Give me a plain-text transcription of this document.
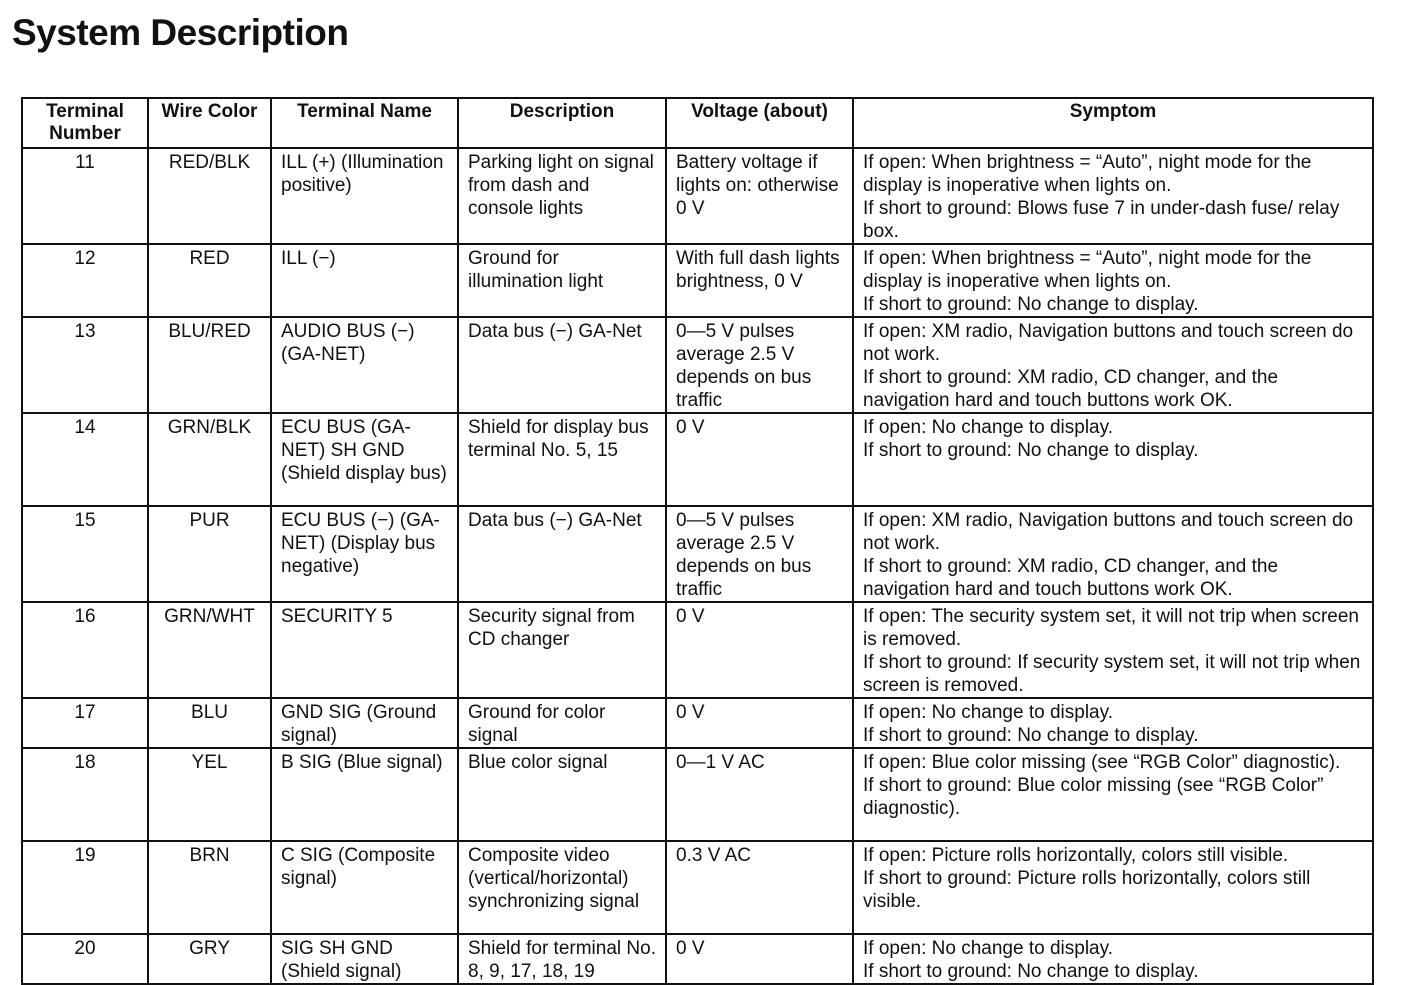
System Description
Terminal Number	Wire Color	Terminal Name	Description	Voltage (about)	Symptom
11	RED/BLK	ILL (+) (Illumination positive)	Parking light on signal from dash and console lights	Battery voltage if lights on: otherwise 0 V	If open: When brightness = “Auto”, night mode for the display is inoperative when lights on.
If short to ground: Blows fuse 7 in under-dash fuse/ relay box.

12	RED	ILL (−)	Ground for illumination light	With full dash lights brightness, 0 V	If open: When brightness = “Auto”, night mode for the display is inoperative when lights on.
If short to ground: No change to display.

13	BLU/RED	AUDIO BUS (−) (GA-NET)	Data bus (−) GA-Net	0—5 V pulses average 2.5 V depends on bus traffic	If open: XM radio, Navigation buttons and touch screen do not work.
If short to ground: XM radio, CD changer, and the navigation hard and touch buttons work OK.

14	GRN/BLK	ECU BUS (GA-NET) SH GND (Shield display bus)	Shield for display bus terminal No. 5, 15	0 V	If open: No change to display.
If short to ground: No change to display.

15	PUR	ECU BUS (−) (GA-NET) (Display bus negative)	Data bus (−) GA-Net	0—5 V pulses average 2.5 V depends on bus traffic	If open: XM radio, Navigation buttons and touch screen do not work.
If short to ground: XM radio, CD changer, and the navigation hard and touch buttons work OK.

16	GRN/WHT	SECURITY 5	Security signal from CD changer	0 V	If open: The security system set, it will not trip when screen is removed.
If short to ground: If security system set, it will not trip when screen is removed.

17	BLU	GND SIG (Ground signal)	Ground for color signal	0 V	If open: No change to display.
If short to ground: No change to display.

18	YEL	B SIG (Blue signal)	Blue color signal	0—1 V AC	If open: Blue color missing (see “RGB Color” diagnostic).
If short to ground: Blue color missing (see “RGB Color” diagnostic).

19	BRN	C SIG (Composite signal)	Composite video (vertical/horizontal) synchronizing signal	0.3 V AC	If open: Picture rolls horizontally, colors still visible.
If short to ground: Picture rolls horizontally, colors still visible.

20	GRY	SIG SH GND (Shield signal)	Shield for terminal No. 8, 9, 17, 18, 19	0 V	If open: No change to display.
If short to ground: No change to display.
